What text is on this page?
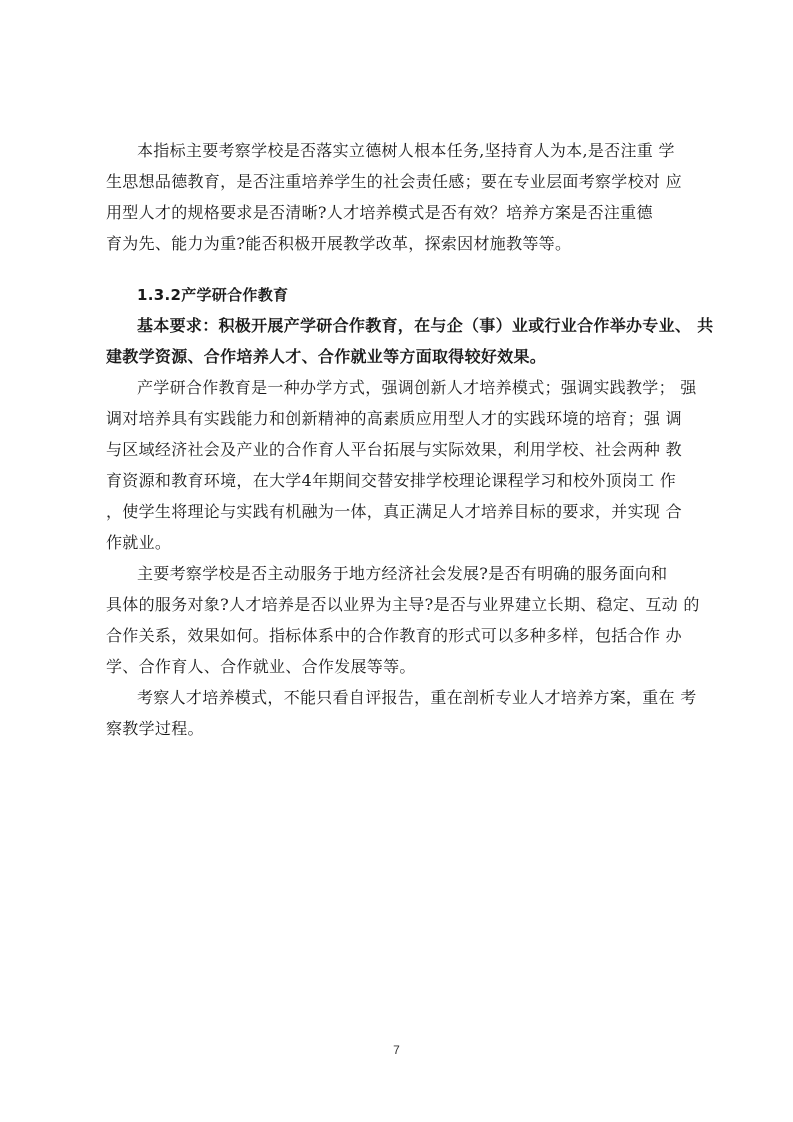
本指标主要考察学校是否落实立德树人根本任务,坚持育人为本,是否注重 学
生思想品德教育，是否注重培养学生的社会责任感；要在专业层面考察学校对 应
用型人才的规格要求是否清晰?人才培养模式是否有效？培养方案是否注重德
育为先、能力为重?能否积极开展教学改革，探索因材施教等等。
1.3.2产学研合作教育
基本要求：积极开展产学研合作教育，在与企（事）业或行业合作举办专业、 共
建教学资源、合作培养人才、合作就业等方面取得较好效果。
产学研合作教育是一种办学方式，强调创新人才培养模式；强调实践教学； 强
调对培养具有实践能力和创新精神的高素质应用型人才的实践环境的培育；强 调
与区域经济社会及产业的合作育人平台拓展与实际效果，利用学校、社会两种 教
育资源和教育环境，在大学4年期间交替安排学校理论课程学习和校外顶岗工 作
，使学生将理论与实践有机融为一体，真正满足人才培养目标的要求，并实现 合
作就业。
主要考察学校是否主动服务于地方经济社会发展?是否有明确的服务面向和
具体的服务对象?人才培养是否以业界为主导?是否与业界建立长期、稳定、互动 的
合作关系，效果如何。指标体系中的合作教育的形式可以多种多样，包括合作 办
学、合作育人、合作就业、合作发展等等。
考察人才培养模式，不能只看自评报告，重在剖析专业人才培养方案，重在 考
察教学过程。
7
